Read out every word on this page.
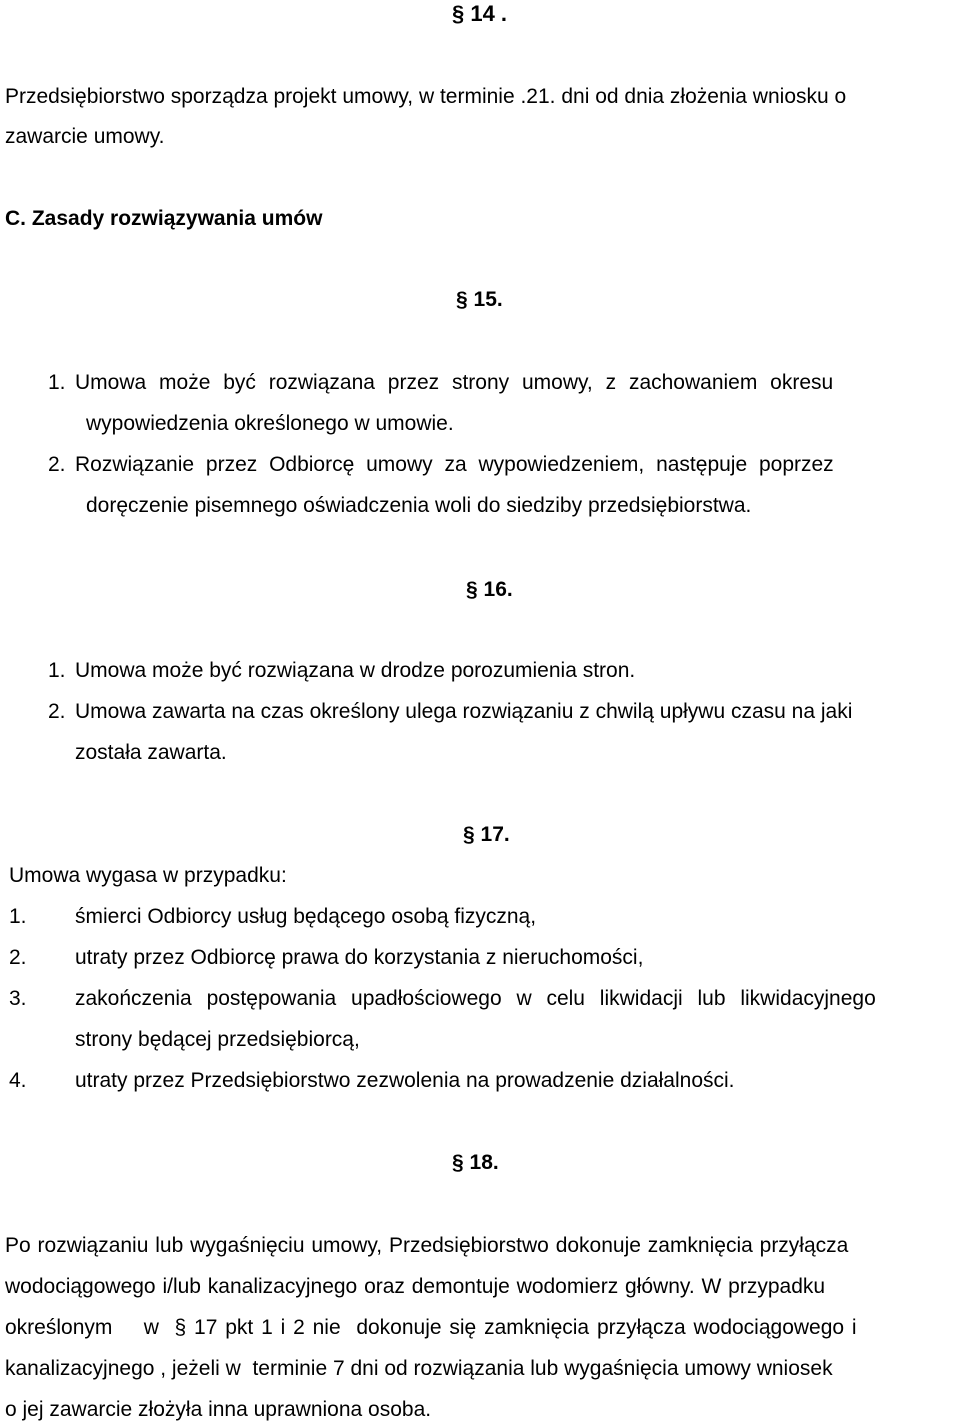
§ 14 .
Przedsiębiorstwo sporządza projekt umowy, w terminie .21. dni od dnia złożenia wniosku o
zawarcie umowy.
C. Zasady rozwiązywania umów
§ 15.
1. Umowa może być rozwiązana przez strony umowy, z zachowaniem okresu
wypowiedzenia określonego w umowie.
2. Rozwiązanie przez Odbiorcę umowy za wypowiedzeniem, następuje poprzez
doręczenie pisemnego oświadczenia woli do siedziby przedsiębiorstwa.
§ 16.
1. Umowa może być rozwiązana w drodze porozumienia stron.
2. Umowa zawarta na czas określony ulega rozwiązaniu z chwilą upływu czasu na jaki
została zawarta.
§ 17.
Umowa wygasa w przypadku:
1. śmierci Odbiorcy usług będącego osobą fizyczną,
2. utraty przez Odbiorcę prawa do korzystania z nieruchomości,
3. zakończenia postępowania upadłościowego w celu likwidacji lub likwidacyjnego
strony będącej przedsiębiorcą,
4. utraty przez Przedsiębiorstwo zezwolenia na prowadzenie działalności.
§ 18.
Po rozwiązaniu lub wygaśnięciu umowy, Przedsiębiorstwo dokonuje zamknięcia przyłącza
wodociągowego i/lub kanalizacyjnego oraz demontuje wodomierz główny. W przypadku
określonym    w  § 17 pkt 1 i 2 nie  dokonuje się zamknięcia przyłącza wodociągowego i
kanalizacyjnego , jeżeli w  terminie 7 dni od rozwiązania lub wygaśnięcia umowy wniosek
o jej zawarcie złożyła inna uprawniona osoba.
